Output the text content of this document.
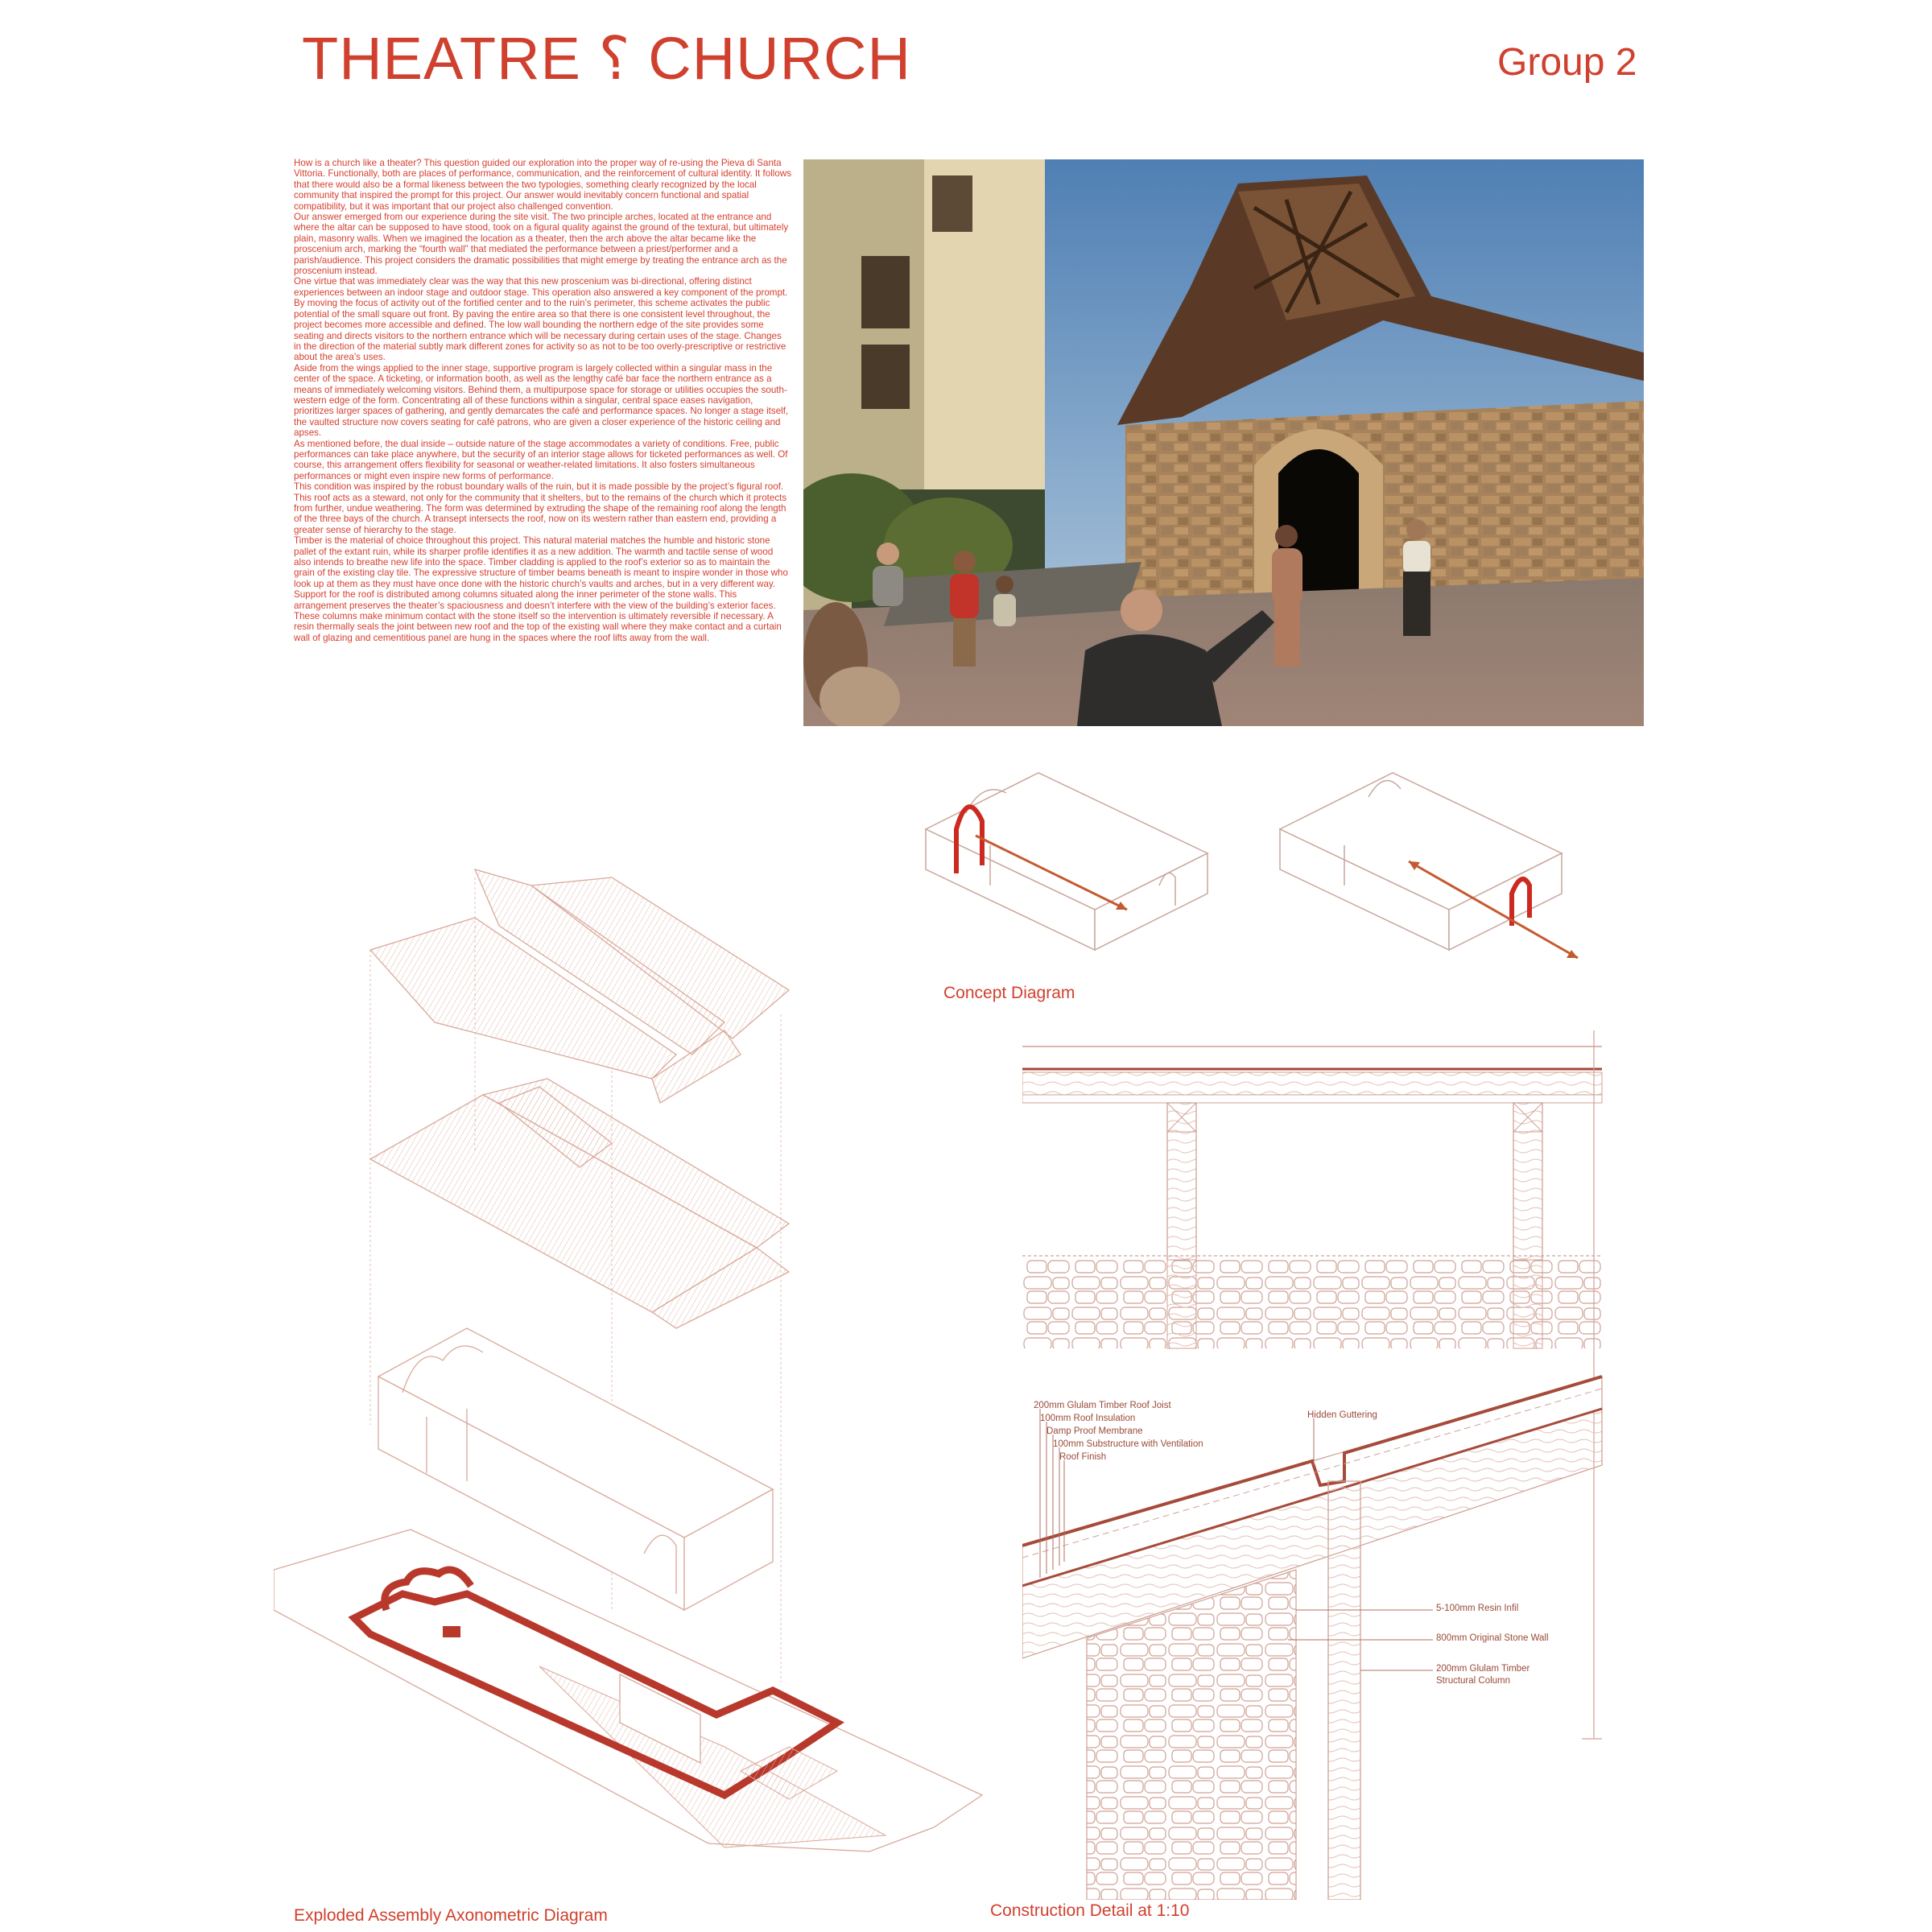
THEATRE ⸮ CHURCH	Group 2

How is a church like a theater? This question guided our exploration into the proper way of re-using the Pieva di Santa Vittoria. Functionally, both are places of performance, communication, and the reinforcement of cultural identity. It follows that there would also be a formal likeness between the two typologies, something clearly recognized by the local community that inspired the prompt for this project. Our answer would inevitably concern functional and spatial compatibility, but it was important that our project also challenged convention.

Our answer emerged from our experience during the site visit. The two principle arches, located at the entrance and where the altar can be supposed to have stood, took on a figural quality against the ground of the textural, but ultimately plain, masonry walls. When we imagined the location as a theater, then the arch above the altar became like the proscenium arch, marking the “fourth wall” that mediated the performance between a priest/performer and a parish/audience. This project considers the dramatic possibilities that might emerge by treating the entrance arch as the proscenium instead.

One virtue that was immediately clear was the way that this new proscenium was bi-directional, offering distinct experiences between an indoor stage and outdoor stage. This operation also answered a key component of the prompt. By moving the focus of activity out of the fortified center and to the ruin’s perimeter, this scheme activates the public potential of the small square out front. By paving the entire area so that there is one consistent level throughout, the project becomes more accessible and defined. The low wall bounding the northern edge of the site provides some seating and directs visitors to the northern entrance which will be necessary during certain uses of the stage. Changes in the direction of the material subtly mark different zones for activity so as not to be too overly-prescriptive or restrictive about the area’s uses.

Aside from the wings applied to the inner stage, supportive program is largely collected within a singular mass in the center of the space. A ticketing, or information booth, as well as the lengthy café bar face the northern entrance as a means of immediately welcoming visitors. Behind them, a multipurpose space for storage or utilities occupies the south-western edge of the form. Concentrating all of these functions within a singular, central space eases navigation, prioritizes larger spaces of gathering, and gently demarcates the café and performance spaces. No longer a stage itself, the vaulted structure now covers seating for café patrons, who are given a closer experience of the historic ceiling and apses.

As mentioned before, the dual inside – outside nature of the stage accommodates a variety of conditions. Free, public performances can take place anywhere, but the security of an interior stage allows for ticketed performances as well. Of course, this arrangement offers flexibility for seasonal or weather-related limitations. It also fosters simultaneous performances or might even inspire new forms of performance.

This condition was inspired by the robust boundary walls of the ruin, but it is made possible by the project’s figural roof. This roof acts as a steward, not only for the community that it shelters, but to the remains of the church which it protects from further, undue weathering. The form was determined by extruding the shape of the remaining roof along the length of the three bays of the church. A transept intersects the roof, now on its western rather than eastern end, providing a greater sense of hierarchy to the stage.

Timber is the material of choice throughout this project. This natural material matches the humble and historic stone pallet of the extant ruin, while its sharper profile identifies it as a new addition. The warmth and tactile sense of wood also intends to breathe new life into the space. Timber cladding is applied to the roof’s exterior so as to maintain the grain of the existing clay tile. The expressive structure of timber beams beneath is meant to inspire wonder in those who look up at them as they must have once done with the historic church’s vaults and arches, but in a very different way.

Support for the roof is distributed among columns situated along the inner perimeter of the stone walls. This arrangement preserves the theater’s spaciousness and doesn’t interfere with the view of the building’s exterior faces. These columns make minimum contact with the stone itself so the intervention is ultimately reversible if necessary. A resin thermally seals the joint between new roof and the top of the existing wall where they make contact and a curtain wall of glazing and cementitious panel are hung in the spaces where the roof lifts away from the wall.

Concept Diagram
Exploded Assembly Axonometric Diagram
200mm Glulam Timber Roof Joist
100mm Roof Insulation
Damp Proof Membrane
100mm Substructure with Ventilation
Roof Finish
Hidden Guttering
5-100mm Resin Infil
800mm Original Stone Wall
200mm Glulam Timber
Structural Column
Construction Detail at 1:10
